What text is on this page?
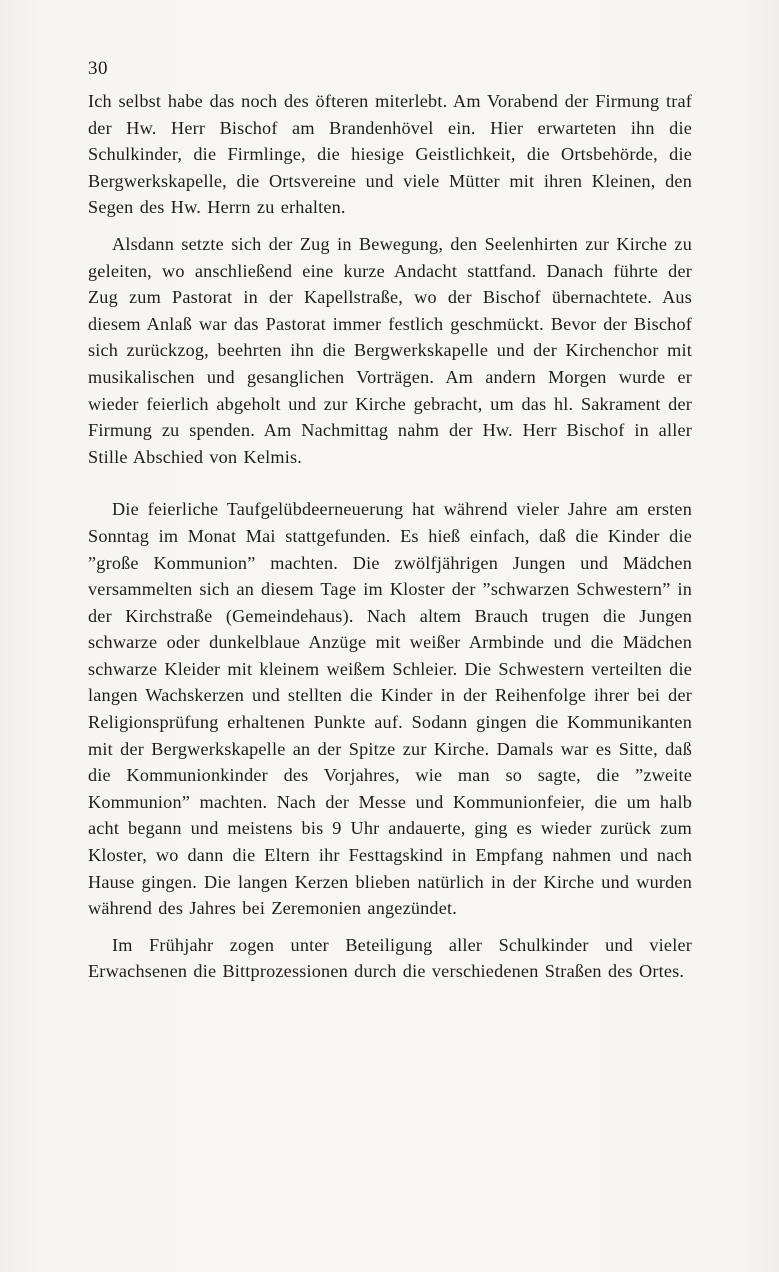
30

Ich selbst habe das noch des öfteren miterlebt. Am Vorabend der Firmung traf der Hw. Herr Bischof am Brandenhövel ein. Hier erwarteten ihn die Schulkinder, die Firmlinge, die hiesige Geistlichkeit, die Ortsbehörde, die Bergwerkskapelle, die Ortsvereine und viele Mütter mit ihren Kleinen, den Segen des Hw. Herrn zu erhalten.

Alsdann setzte sich der Zug in Bewegung, den Seelenhirten zur Kirche zu geleiten, wo anschließend eine kurze Andacht stattfand. Danach führte der Zug zum Pastorat in der Kapellstraße, wo der Bischof übernachtete. Aus diesem Anlaß war das Pastorat immer festlich geschmückt. Bevor der Bischof sich zurückzog, beehrten ihn die Bergwerkskapelle und der Kirchenchor mit musikalischen und gesanglichen Vorträgen. Am andern Morgen wurde er wieder feierlich abgeholt und zur Kirche gebracht, um das hl. Sakrament der Firmung zu spenden. Am Nachmittag nahm der Hw. Herr Bischof in aller Stille Abschied von Kelmis.

Die feierliche Taufgelübdeerneuerung hat während vieler Jahre am ersten Sonntag im Monat Mai stattgefunden. Es hieß einfach, daß die Kinder die ”große Kommunion” machten. Die zwölfjährigen Jungen und Mädchen versammelten sich an diesem Tage im Kloster der ”schwarzen Schwestern” in der Kirchstraße (Gemeindehaus). Nach altem Brauch trugen die Jungen schwarze oder dunkelblaue Anzüge mit weißer Armbinde und die Mädchen schwarze Kleider mit kleinem weißem Schleier. Die Schwestern verteilten die langen Wachskerzen und stellten die Kinder in der Reihenfolge ihrer bei der Religionsprüfung erhaltenen Punkte auf. Sodann gingen die Kommunikanten mit der Bergwerkskapelle an der Spitze zur Kirche. Damals war es Sitte, daß die Kommunionkinder des Vorjahres, wie man so sagte, die ”zweite Kommunion” machten. Nach der Messe und Kommunionfeier, die um halb acht begann und meistens bis 9 Uhr andauerte, ging es wieder zurück zum Kloster, wo dann die Eltern ihr Festtagskind in Empfang nahmen und nach Hause gingen. Die langen Kerzen blieben natürlich in der Kirche und wurden während des Jahres bei Zeremonien angezündet.

Im Frühjahr zogen unter Beteiligung aller Schulkinder und vieler Erwachsenen die Bittprozessionen durch die verschiedenen Straßen des Ortes.
